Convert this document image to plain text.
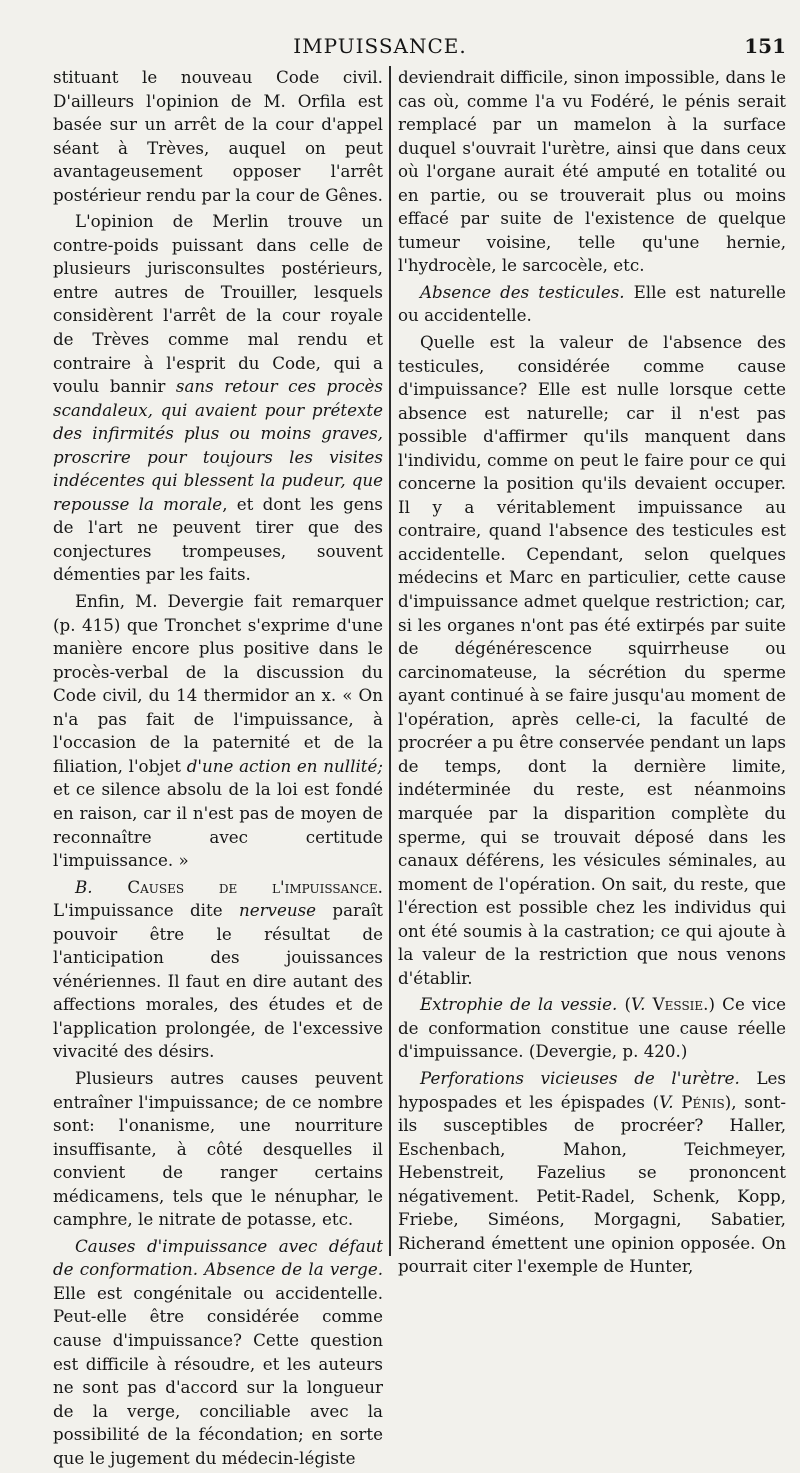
IMPUISSANCE.	151

stituant le nouveau Code civil. D'ailleurs l'opinion de M. Orfila est basée sur un arrêt de la cour d'appel séant à Trèves, auquel on peut avantageusement opposer l'arrêt postérieur rendu par la cour de Gênes.

L'opinion de Merlin trouve un contre-poids puissant dans celle de plusieurs jurisconsultes postérieurs, entre autres de Trouiller, lesquels considèrent l'arrêt de la cour royale de Trèves comme mal rendu et contraire à l'esprit du Code, qui a voulu bannir sans retour ces procès scandaleux, qui avaient pour prétexte des infirmités plus ou moins graves, proscrire pour toujours les visites indécentes qui blessent la pudeur, que repousse la morale, et dont les gens de l'art ne peuvent tirer que des conjectures trompeuses, souvent démenties par les faits.

Enfin, M. Devergie fait remarquer (p. 415) que Tronchet s'exprime d'une manière encore plus positive dans le procès-verbal de la discussion du Code civil, du 14 thermidor an x. « On n'a pas fait de l'impuissance, à l'occasion de la paternité et de la filiation, l'objet d'une action en nullité; et ce silence absolu de la loi est fondé en raison, car il n'est pas de moyen de reconnaître avec certitude l'impuissance. »

B. Causes de l'impuissance. L'impuissance dite nerveuse paraît pouvoir être le résultat de l'anticipation des jouissances vénériennes. Il faut en dire autant des affections morales, des études et de l'application prolongée, de l'excessive vivacité des désirs.

Plusieurs autres causes peuvent entraîner l'impuissance; de ce nombre sont: l'onanisme, une nourriture insuffisante, à côté desquelles il convient de ranger certains médicamens, tels que le nénuphar, le camphre, le nitrate de potasse, etc.

Causes d'impuissance avec défaut de conformation. Absence de la verge. Elle est congénitale ou accidentelle. Peut-elle être considérée comme cause d'impuissance? Cette question est difficile à résoudre, et les auteurs ne sont pas d'accord sur la longueur de la verge, conciliable avec la possibilité de la fécondation; en sorte que le jugement du médecin-légiste

deviendrait difficile, sinon impossible, dans le cas où, comme l'a vu Fodéré, le pénis serait remplacé par un mamelon à la surface duquel s'ouvrait l'urètre, ainsi que dans ceux où l'organe aurait été amputé en totalité ou en partie, ou se trouverait plus ou moins effacé par suite de l'existence de quelque tumeur voisine, telle qu'une hernie, l'hydrocèle, le sarcocèle, etc.

Absence des testicules. Elle est naturelle ou accidentelle.

Quelle est la valeur de l'absence des testicules, considérée comme cause d'impuissance? Elle est nulle lorsque cette absence est naturelle; car il n'est pas possible d'affirmer qu'ils manquent dans l'individu, comme on peut le faire pour ce qui concerne la position qu'ils devaient occuper. Il y a véritablement impuissance au contraire, quand l'absence des testicules est accidentelle. Cependant, selon quelques médecins et Marc en particulier, cette cause d'impuissance admet quelque restriction; car, si les organes n'ont pas été extirpés par suite de dégénérescence squirrheuse ou carcinomateuse, la sécrétion du sperme ayant continué à se faire jusqu'au moment de l'opération, après celle-ci, la faculté de procréer a pu être conservée pendant un laps de temps, dont la dernière limite, indéterminée du reste, est néanmoins marquée par la disparition complète du sperme, qui se trouvait déposé dans les canaux déférens, les vésicules séminales, au moment de l'opération. On sait, du reste, que l'érection est possible chez les individus qui ont été soumis à la castration; ce qui ajoute à la valeur de la restriction que nous venons d'établir.

Extrophie de la vessie. (V. Vessie.) Ce vice de conformation constitue une cause réelle d'impuissance. (Devergie, p. 420.)

Perforations vicieuses de l'urètre. Les hypospades et les épispades (V. Pénis), sont-ils susceptibles de procréer? Haller, Eschenbach, Mahon, Teichmeyer, Hebenstreit, Fazelius se prononcent négativement. Petit-Radel, Schenk, Kopp, Friebe, Siméons, Morgagni, Sabatier, Richerand émettent une opinion opposée. On pourrait citer l'exemple de Hunter,
